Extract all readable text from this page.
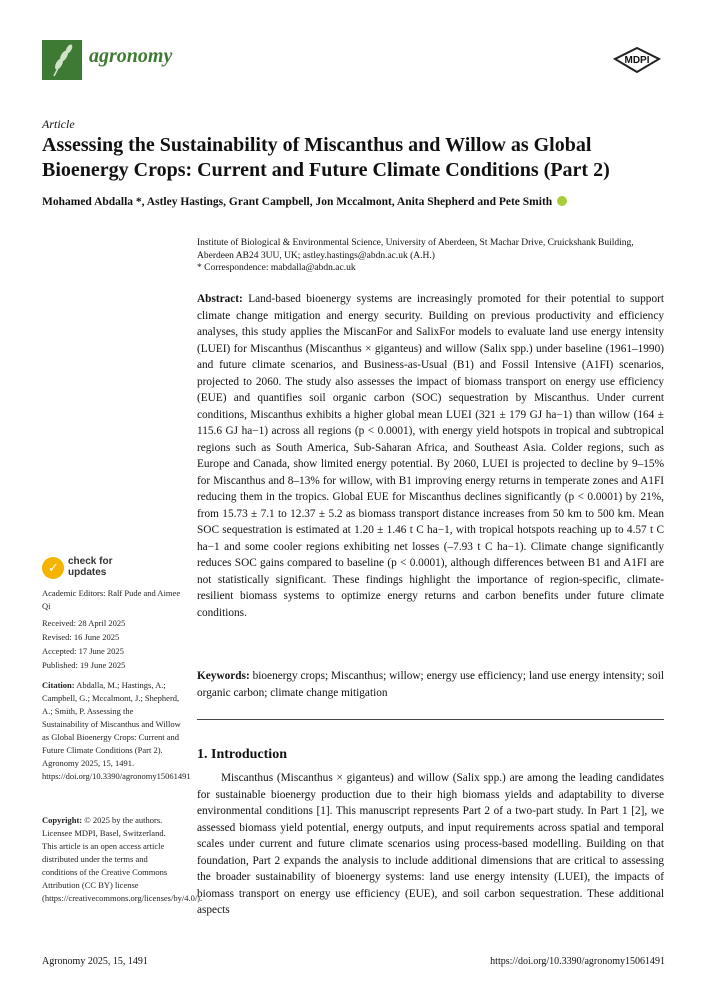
agronomy	MDPI
Article
Assessing the Sustainability of Miscanthus and Willow as Global Bioenergy Crops: Current and Future Climate Conditions (Part 2)
Mohamed Abdalla *, Astley Hastings, Grant Campbell, Jon Mccalmont, Anita Shepherd and Pete Smith
Institute of Biological & Environmental Science, University of Aberdeen, St Machar Drive, Cruickshank Building, Aberdeen AB24 3UU, UK; astley.hastings@abdn.ac.uk (A.H.)
* Correspondence: mabdalla@abdn.ac.uk
Abstract: Land-based bioenergy systems are increasingly promoted for their potential to support climate change mitigation and energy security. Building on previous productivity and efficiency analyses, this study applies the MiscanFor and SalixFor models to evaluate land use energy intensity (LUEI) for Miscanthus (Miscanthus × giganteus) and willow (Salix spp.) under baseline (1961–1990) and future climate scenarios, and Business-as-Usual (B1) and Fossil Intensive (A1FI) scenarios, projected to 2060. The study also assesses the impact of biomass transport on energy use efficiency (EUE) and quantifies soil organic carbon (SOC) sequestration by Miscanthus. Under current conditions, Miscanthus exhibits a higher global mean LUEI (321 ± 179 GJ ha−1) than willow (164 ± 115.6 GJ ha−1) across all regions (p < 0.0001), with energy yield hotspots in tropical and subtropical regions such as South America, Sub-Saharan Africa, and Southeast Asia. Colder regions, such as Europe and Canada, show limited energy potential. By 2060, LUEI is projected to decline by 9–15% for Miscanthus and 8–13% for willow, with B1 improving energy returns in temperate zones and A1FI reducing them in the tropics. Global EUE for Miscanthus declines significantly (p < 0.0001) by 21%, from 15.73 ± 7.1 to 12.37 ± 5.2 as biomass transport distance increases from 50 km to 500 km. Mean SOC sequestration is estimated at 1.20 ± 1.46 t C ha−1, with tropical hotspots reaching up to 4.57 t C ha−1 and some cooler regions exhibiting net losses (–7.93 t C ha−1). Climate change significantly reduces SOC gains compared to baseline (p < 0.0001), although differences between B1 and A1FI are not statistically significant. These findings highlight the importance of region-specific, climate-resilient biomass systems to optimize energy returns and carbon benefits under future climate conditions.
Keywords: bioenergy crops; Miscanthus; willow; energy use efficiency; land use energy intensity; soil organic carbon; climate change mitigation
1. Introduction
Miscanthus (Miscanthus × giganteus) and willow (Salix spp.) are among the leading candidates for sustainable bioenergy production due to their high biomass yields and adaptability to diverse environmental conditions [1]. This manuscript represents Part 2 of a two-part study. In Part 1 [2], we assessed biomass yield potential, energy outputs, and input requirements across spatial and temporal scales under current and future climate scenarios using process-based modelling. Building on that foundation, Part 2 expands the analysis to include additional dimensions that are critical to assessing the broader sustainability of bioenergy systems: land use energy intensity (LUEI), the impacts of biomass transport on energy use efficiency (EUE), and soil carbon sequestration. These additional aspects
✓ check for
updates
Academic Editors: Ralf Pude and Aimee Qi
Received: 28 April 2025
Revised: 16 June 2025
Accepted: 17 June 2025
Published: 19 June 2025
Citation: Abdalla, M.; Hastings, A.; Campbell, G.; Mccalmont, J.; Shepherd, A.; Smith, P. Assessing the Sustainability of Miscanthus and Willow as Global Bioenergy Crops: Current and Future Climate Conditions (Part 2). Agronomy 2025, 15, 1491. https://doi.org/10.3390/agronomy15061491
Copyright: © 2025 by the authors. Licensee MDPI, Basel, Switzerland. This article is an open access article distributed under the terms and conditions of the Creative Commons Attribution (CC BY) license (https://creativecommons.org/licenses/by/4.0/).
Agronomy 2025, 15, 1491	https://doi.org/10.3390/agronomy15061491
